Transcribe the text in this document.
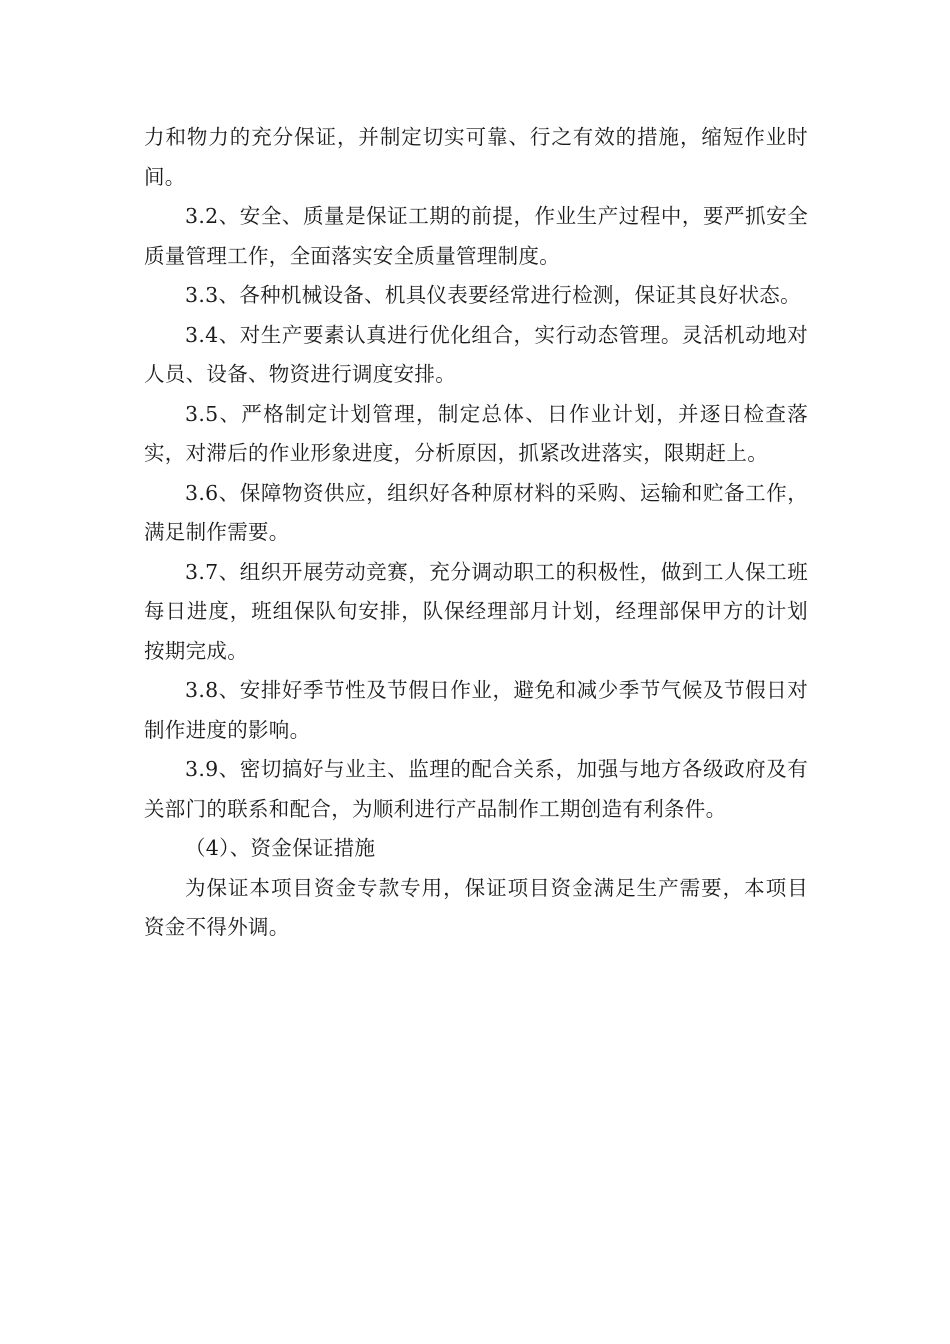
力和物力的充分保证，并制定切实可靠、行之有效的措施，缩短作业时间。

3.2、安全、质量是保证工期的前提，作业生产过程中，要严抓安全质量管理工作，全面落实安全质量管理制度。

3.3、各种机械设备、机具仪表要经常进行检测，保证其良好状态。

3.4、对生产要素认真进行优化组合，实行动态管理。灵活机动地对人员、设备、物资进行调度安排。

3.5、严格制定计划管理，制定总体、日作业计划，并逐日检查落实，对滞后的作业形象进度，分析原因，抓紧改进落实，限期赶上。

3.6、保障物资供应，组织好各种原材料的采购、运输和贮备工作，满足制作需要。

3.7、组织开展劳动竞赛，充分调动职工的积极性，做到工人保工班每日进度，班组保队旬安排，队保经理部月计划，经理部保甲方的计划按期完成。

3.8、安排好季节性及节假日作业，避免和减少季节气候及节假日对制作进度的影响。

3.9、密切搞好与业主、监理的配合关系，加强与地方各级政府及有关部门的联系和配合，为顺利进行产品制作工期创造有利条件。

（4）、资金保证措施

为保证本项目资金专款专用，保证项目资金满足生产需要，本项目资金不得外调。
